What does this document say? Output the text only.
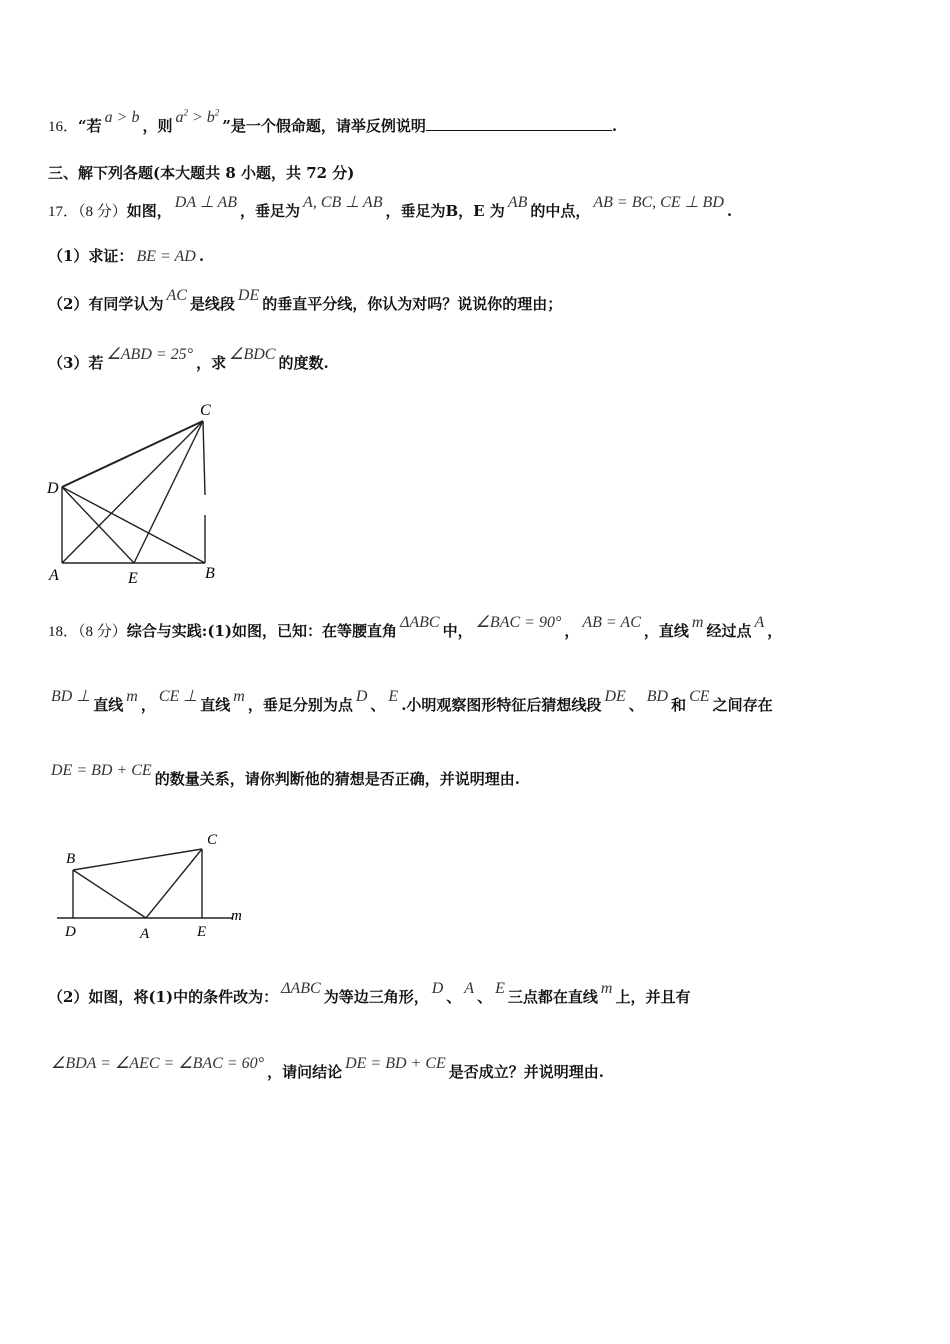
16．“若 a > b ，则 $a^2 > b^2$”是一个假命题，请举反例说明	.
三、解下列各题(本大题共 8 小题，共 72 分)
17．（8 分）如图， DA ⊥ AB ，垂足为 A, CB ⊥ AB ，垂足为B，E 为 AB 的中点， AB = BC, CE ⊥ BD .
（1）求证： BE = AD .
（2）有同学认为 AC 是线段 DE 的垂直平分线，你认为对吗？说说你的理由；
（3）若 ∠ABD = 25° ，求 ∠BDC 的度数.
C
D
A	E	B
18．（8 分）综合与实践:(1)如图，已知：在等腰直角 ΔABC 中， ∠BAC = 90° ， AB = AC ，直线 m 经过点 A ，
BD ⊥ 直线 m ， CE ⊥ 直线 m ，垂足分别为点 D 、 E .小明观察图形特征后猜想线段 DE 、 BD 和 CE 之间存在
DE = BD + CE 的数量关系，请你判断他的猜想是否正确，并说明理由.
B
C
D	A	E
m
（2）如图，将(1)中的条件改为： ΔABC 为等边三角形， D 、 A 、 E 三点都在直线 m 上，并且有
∠BDA = ∠AEC = ∠BAC = 60° ，请问结论 DE = BD + CE 是否成立？并说明理由.
